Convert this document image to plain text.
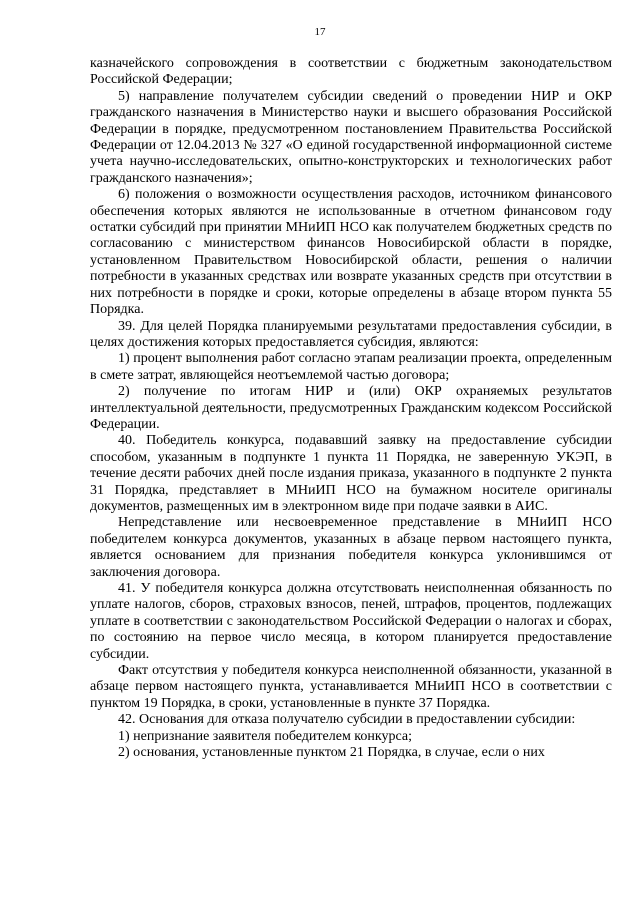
17

казначейского сопровождения в соответствии с бюджетным законодательством Российской Федерации;

5) направление получателем субсидии сведений о проведении НИР и ОКР гражданского назначения в Министерство науки и высшего образования Российской Федерации в порядке, предусмотренном постановлением Правительства Российской Федерации от 12.04.2013 № 327 «О единой государственной информационной системе учета научно-исследовательских, опытно-конструкторских и технологических работ гражданского назначения»;

6) положения о возможности осуществления расходов, источником финансового обеспечения которых являются не использованные в отчетном финансовом году остатки субсидий при принятии МНиИП НСО как получателем бюджетных средств по согласованию с министерством финансов Новосибирской области в порядке, установленном Правительством Новосибирской области, решения о наличии потребности в указанных средствах или возврате указанных средств при отсутствии в них потребности в порядке и сроки, которые определены в абзаце втором пункта 55 Порядка.

39. Для целей Порядка планируемыми результатами предоставления субсидии, в целях достижения которых предоставляется субсидия, являются:

1) процент выполнения работ согласно этапам реализации проекта, определенным в смете затрат, являющейся неотъемлемой частью договора;

2) получение по итогам НИР и (или) ОКР охраняемых результатов интеллектуальной деятельности, предусмотренных Гражданским кодексом Российской Федерации.

40. Победитель конкурса, подававший заявку на предоставление субсидии способом, указанным в подпункте 1 пункта 11 Порядка, не заверенную УКЭП, в течение десяти рабочих дней после издания приказа, указанного в подпункте 2 пункта 31 Порядка, представляет в МНиИП НСО на бумажном носителе оригиналы документов, размещенных им в электронном виде при подаче заявки в АИС.

Непредставление или несвоевременное представление в МНиИП НСО победителем конкурса документов, указанных в абзаце первом настоящего пункта, является основанием для признания победителя конкурса уклонившимся от заключения договора.

41. У победителя конкурса должна отсутствовать неисполненная обязанность по уплате налогов, сборов, страховых взносов, пеней, штрафов, процентов, подлежащих уплате в соответствии с законодательством Российской Федерации о налогах и сборах, по состоянию на первое число месяца, в котором планируется предоставление субсидии.

Факт отсутствия у победителя конкурса неисполненной обязанности, указанной в абзаце первом настоящего пункта, устанавливается МНиИП НСО в соответствии с пунктом 19 Порядка, в сроки, установленные в пункте 37 Порядка.

42. Основания для отказа получателю субсидии в предоставлении субсидии:

1) непризнание заявителя победителем конкурса;

2) основания, установленные пунктом 21 Порядка, в случае, если о них
